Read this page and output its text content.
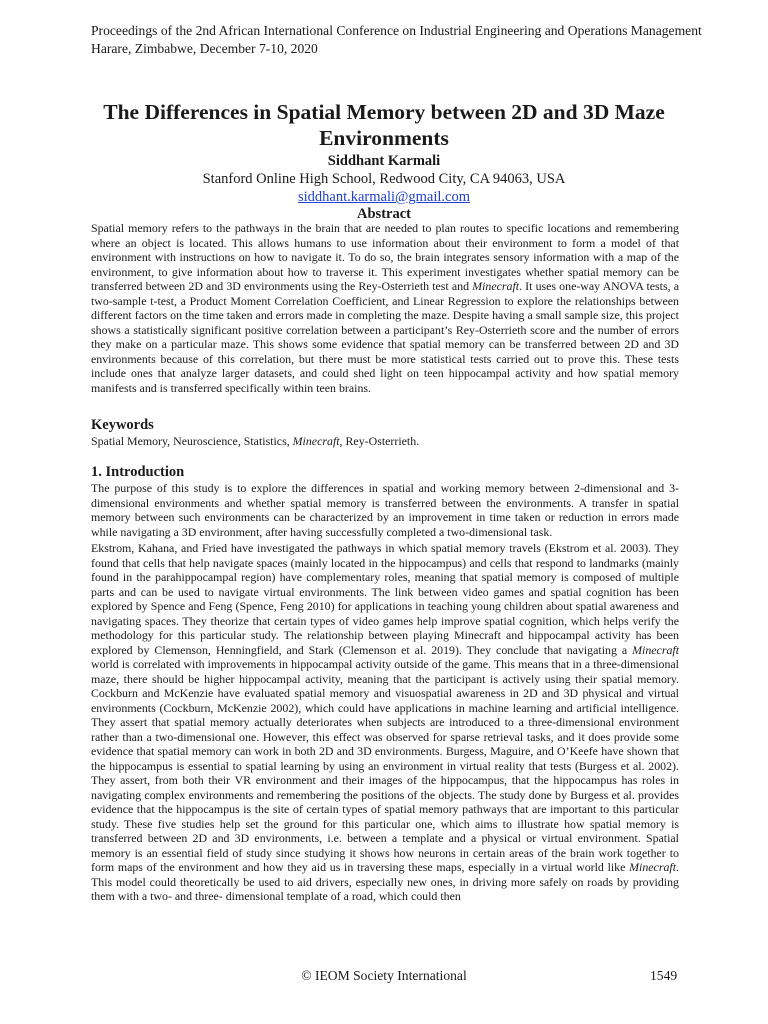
Proceedings of the 2nd African International Conference on Industrial Engineering and Operations Management
Harare, Zimbabwe, December 7-10, 2020
The Differences in Spatial Memory between 2D and 3D Maze Environments
Siddhant Karmali
Stanford Online High School, Redwood City, CA 94063, USA
siddhant.karmali@gmail.com
Abstract
Spatial memory refers to the pathways in the brain that are needed to plan routes to specific locations and remembering where an object is located. This allows humans to use information about their environment to form a model of that environment with instructions on how to navigate it. To do so, the brain integrates sensory information with a map of the environment, to give information about how to traverse it. This experiment investigates whether spatial memory can be transferred between 2D and 3D environments using the Rey-Osterrieth test and Minecraft. It uses one-way ANOVA tests, a two-sample t-test, a Product Moment Correlation Coefficient, and Linear Regression to explore the relationships between different factors on the time taken and errors made in completing the maze. Despite having a small sample size, this project shows a statistically significant positive correlation between a participant’s Rey-Osterrieth score and the number of errors they make on a particular maze. This shows some evidence that spatial memory can be transferred between 2D and 3D environments because of this correlation, but there must be more statistical tests carried out to prove this. These tests include ones that analyze larger datasets, and could shed light on teen hippocampal activity and how spatial memory manifests and is transferred specifically within teen brains.
Keywords
Spatial Memory, Neuroscience, Statistics, Minecraft, Rey-Osterrieth.
1. Introduction
The purpose of this study is to explore the differences in spatial and working memory between 2-dimensional and 3-dimensional environments and whether spatial memory is transferred between the environments. A transfer in spatial memory between such environments can be characterized by an improvement in time taken or reduction in errors made while navigating a 3D environment, after having successfully completed a two-dimensional task.
Ekstrom, Kahana, and Fried have investigated the pathways in which spatial memory travels (Ekstrom et al. 2003). They found that cells that help navigate spaces (mainly located in the hippocampus) and cells that respond to landmarks (mainly found in the parahippocampal region) have complementary roles, meaning that spatial memory is composed of multiple parts and can be used to navigate virtual environments. The link between video games and spatial cognition has been explored by Spence and Feng (Spence, Feng 2010) for applications in teaching young children about spatial awareness and navigating spaces. They theorize that certain types of video games help improve spatial cognition, which helps verify the methodology for this particular study. The relationship between playing Minecraft and hippocampal activity has been explored by Clemenson, Henningfield, and Stark (Clemenson et al. 2019). They conclude that navigating a Minecraft world is correlated with improvements in hippocampal activity outside of the game. This means that in a three-dimensional maze, there should be higher hippocampal activity, meaning that the participant is actively using their spatial memory. Cockburn and McKenzie have evaluated spatial memory and visuospatial awareness in 2D and 3D physical and virtual environments (Cockburn, McKenzie 2002), which could have applications in machine learning and artificial intelligence. They assert that spatial memory actually deteriorates when subjects are introduced to a three-dimensional environment rather than a two-dimensional one. However, this effect was observed for sparse retrieval tasks, and it does provide some evidence that spatial memory can work in both 2D and 3D environments. Burgess, Maguire, and O’Keefe have shown that the hippocampus is essential to spatial learning by using an environment in virtual reality that tests (Burgess et al. 2002). They assert, from both their VR environment and their images of the hippocampus, that the hippocampus has roles in navigating complex environments and remembering the positions of the objects. The study done by Burgess et al. provides evidence that the hippocampus is the site of certain types of spatial memory pathways that are important to this particular study. These five studies help set the ground for this particular one, which aims to illustrate how spatial memory is transferred between 2D and 3D environments, i.e. between a template and a physical or virtual environment. Spatial memory is an essential field of study since studying it shows how neurons in certain areas of the brain work together to form maps of the environment and how they aid us in traversing these maps, especially in a virtual world like Minecraft. This model could theoretically be used to aid drivers, especially new ones, in driving more safely on roads by providing them with a two- and three- dimensional template of a road, which could then
© IEOM Society International	1549
